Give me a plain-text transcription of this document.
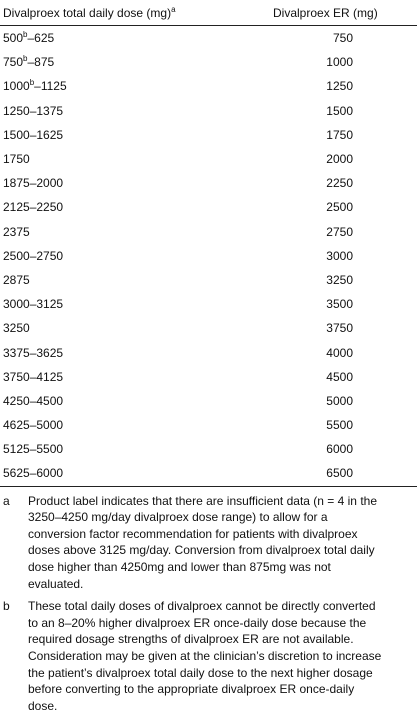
Divalproex total daily dose (mg)$^a$	Divalproex ER (mg)
500$^b$–625	750
750$^b$–875	1000
1000$^b$–1125	1250
1250–1375	1500
1500–1625	1750
1750	2000
1875–2000	2250
2125–2250	2500
2375	2750
2500–2750	3000
2875	3250
3000–3125	3500
3250	3750
3375–3625	4000
3750–4125	4500
4250–4500	5000
4625–5000	5500
5125–5500	6000
5625–6000	6500
a	Product label indicates that there are insufficient data (n = 4 in the 3250–4250 mg/day divalproex dose range) to allow for a conversion factor recommendation for patients with divalproex doses above 3125 mg/day. Conversion from divalproex total daily dose higher than 4250mg and lower than 875mg was not evaluated.
b	These total daily doses of divalproex cannot be directly converted to an 8–20% higher divalproex ER once-daily dose because the required dosage strengths of divalproex ER are not available. Consideration may be given at the clinician’s discretion to increase the patient’s divalproex total daily dose to the next higher dosage before converting to the appropriate divalproex ER once-daily dose.
